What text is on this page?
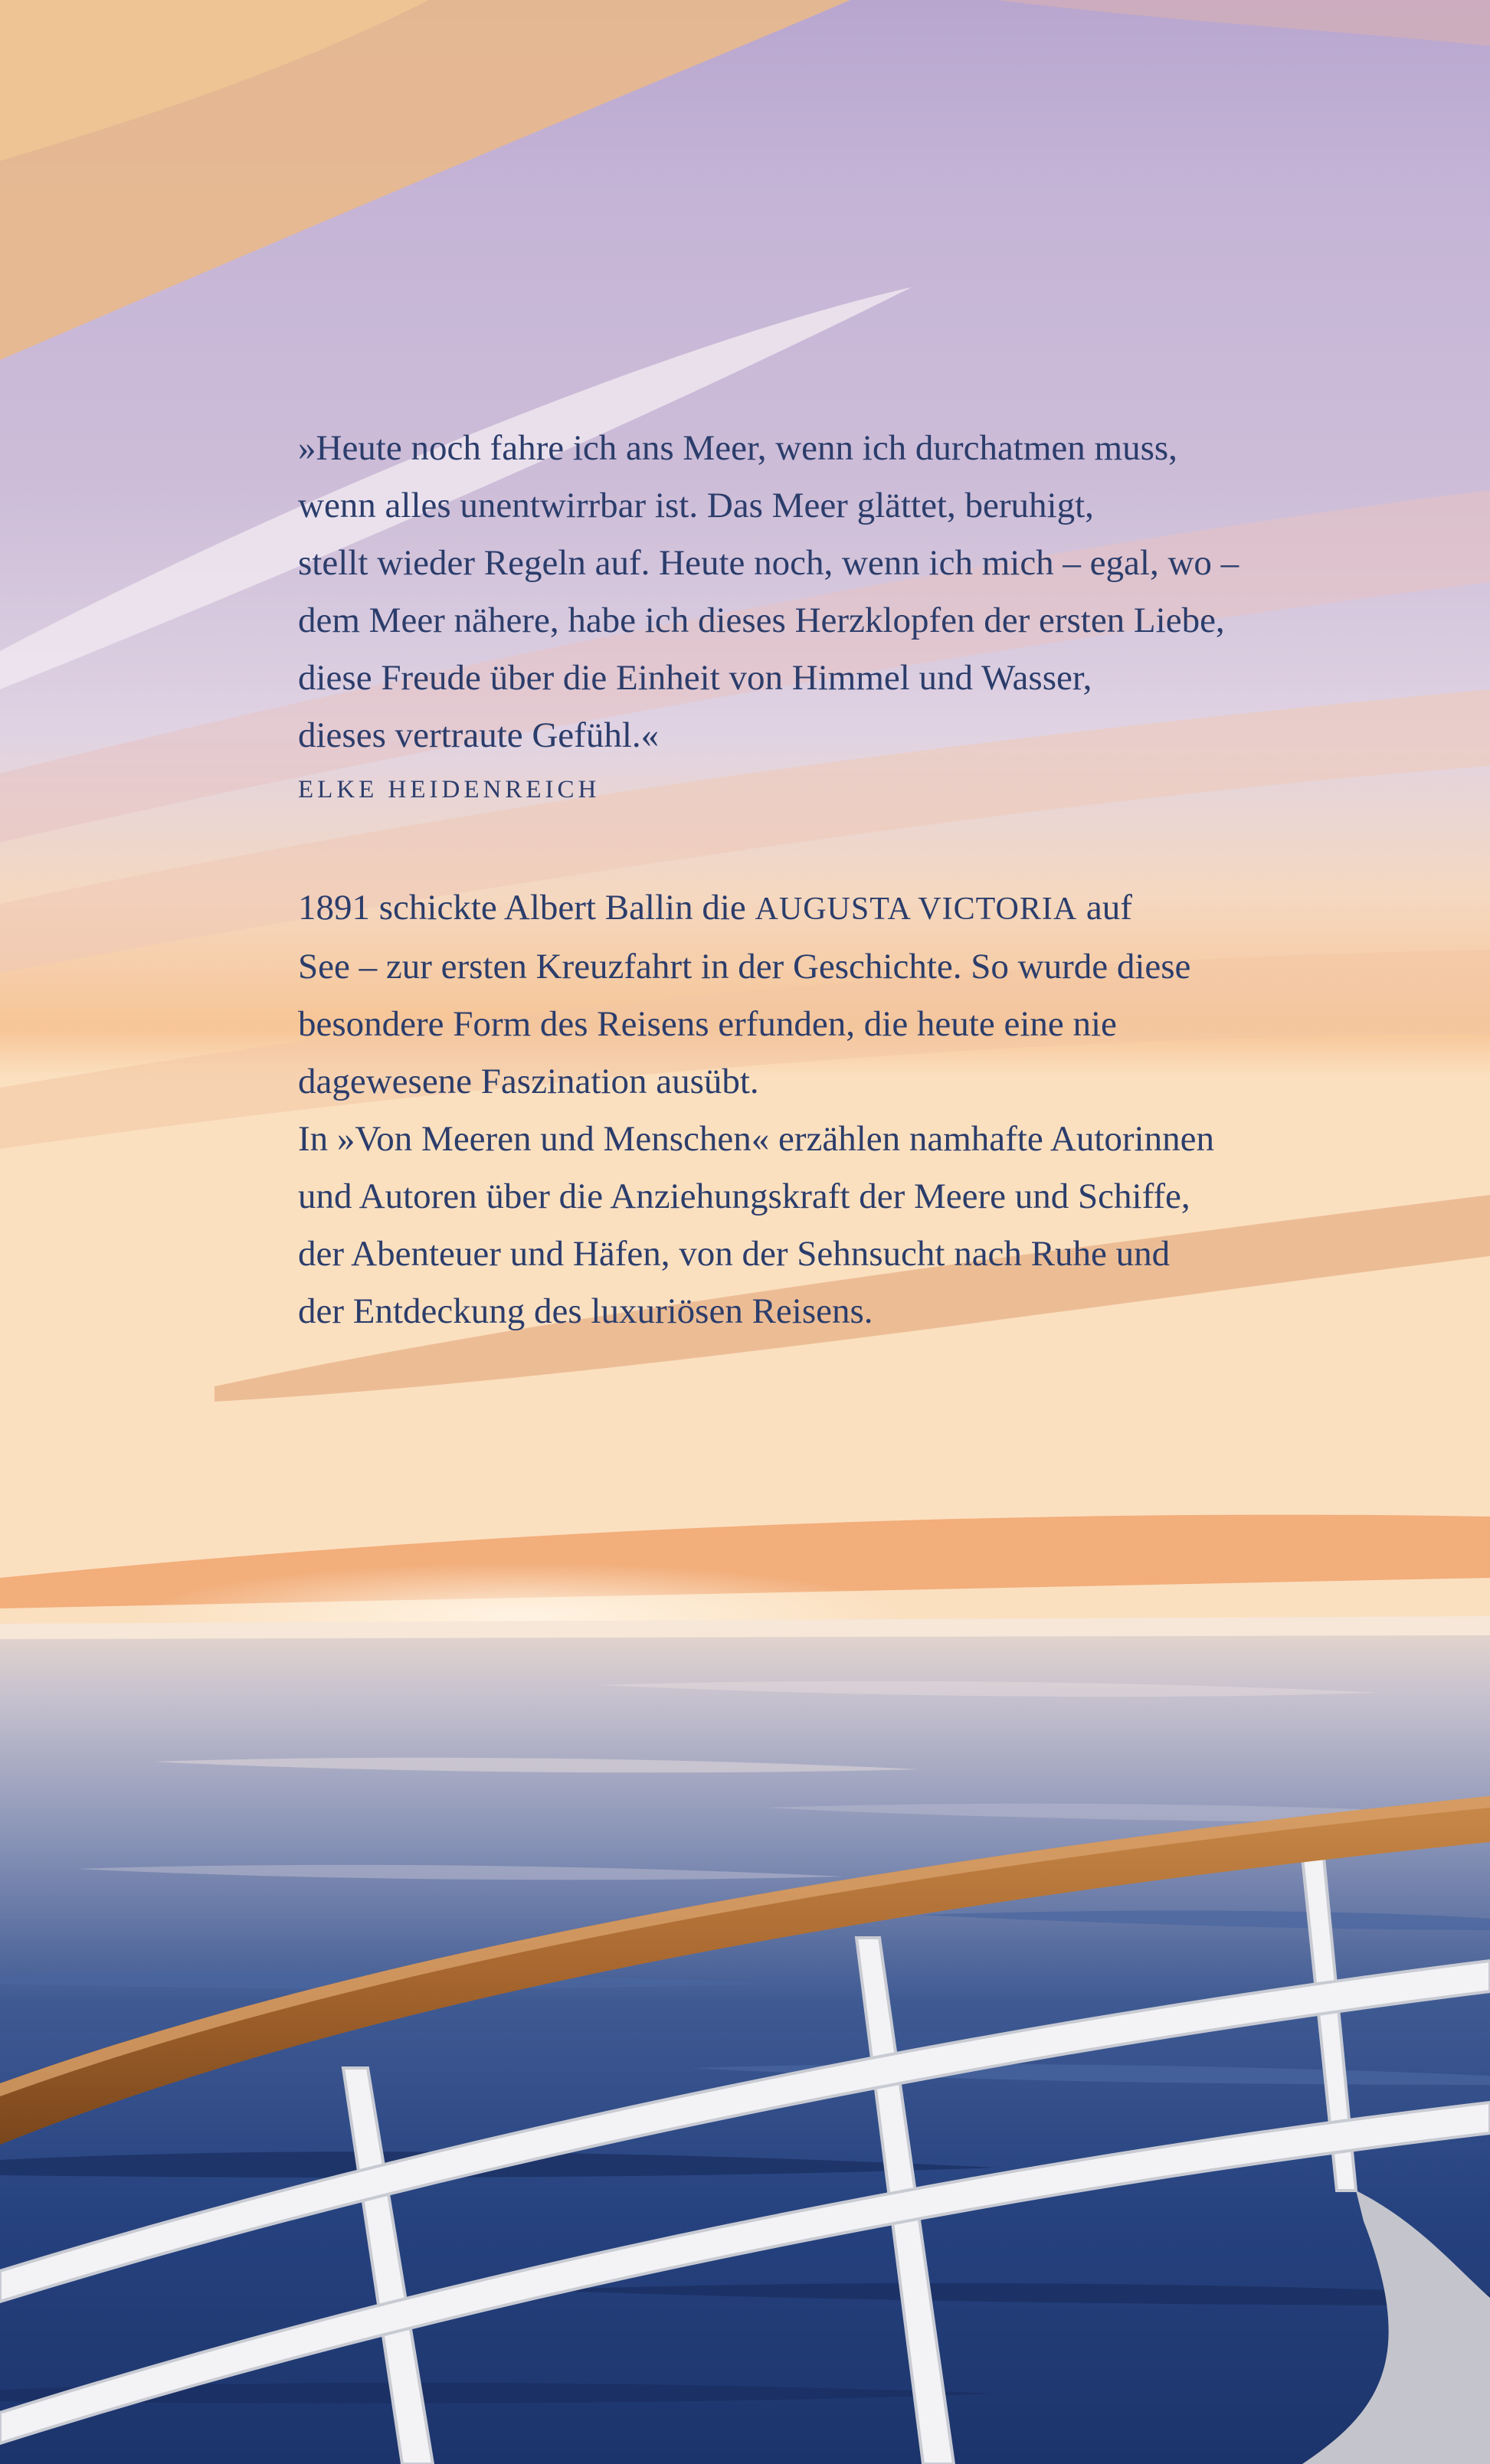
»Heute noch fahre ich ans Meer, wenn ich durchatmen muss,
wenn alles unentwirrbar ist. Das Meer glättet, beruhigt,
stellt wieder Regeln auf. Heute noch, wenn ich mich – egal, wo –
dem Meer nähere, habe ich dieses Herzklopfen der ersten Liebe,
diese Freude über die Einheit von Himmel und Wasser,
dieses vertraute Gefühl.«
ELKE HEIDENREICH
1891 schickte Albert Ballin die AUGUSTA VICTORIA auf
See – zur ersten Kreuzfahrt in der Geschichte. So wurde diese
besondere Form des Reisens erfunden, die heute eine nie
dagewesene Faszination ausübt.
In »Von Meeren und Menschen« erzählen namhafte Autorinnen
und Autoren über die Anziehungskraft der Meere und Schiffe,
der Abenteuer und Häfen, von der Sehnsucht nach Ruhe und
der Entdeckung des luxuriösen Reisens.
